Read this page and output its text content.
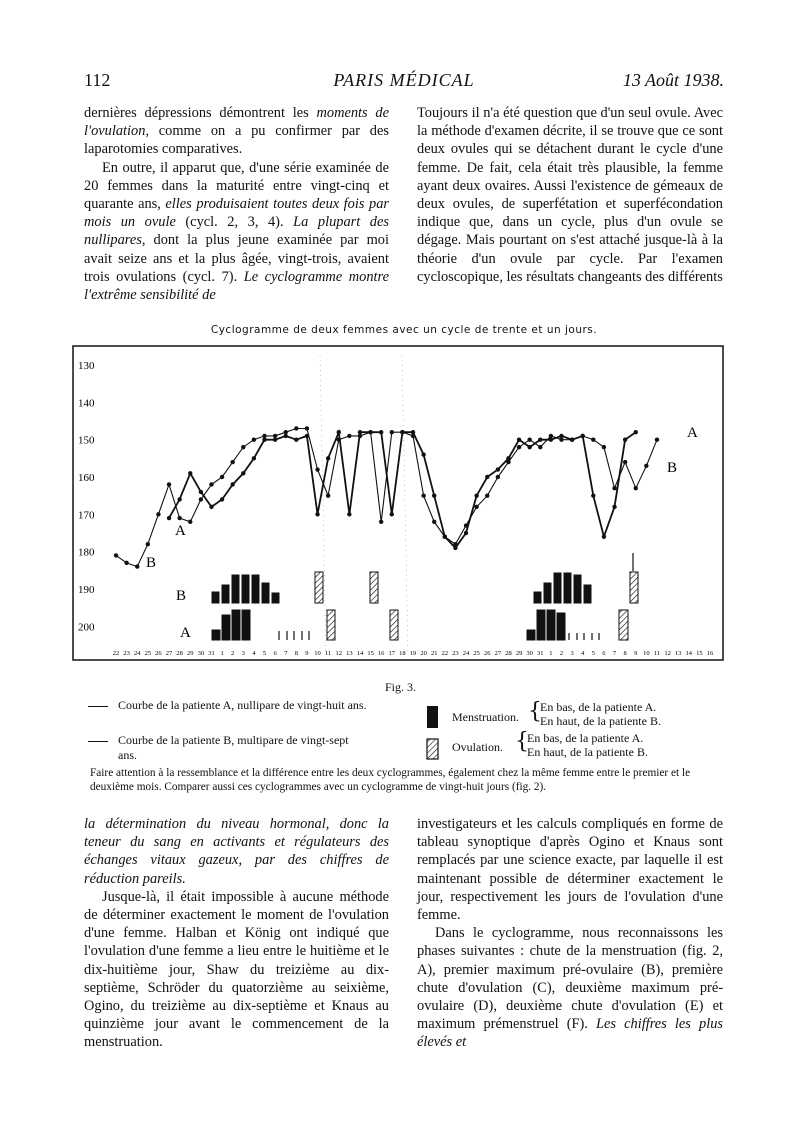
112	PARIS MÉDICAL	13 Août 1938.

dernières dépressions démontrent les moments de l'ovulation, comme on a pu confirmer par des laparotomies comparatives.

En outre, il apparut que, d'une série examinée de 20 femmes dans la maturité entre vingt-cinq et quarante ans, elles produisaient toutes deux fois par mois un ovule (cycl. 2, 3, 4). La plupart des nullipares, dont la plus jeune examinée par moi avait seize ans et la plus âgée, vingt-trois, avaient trois ovulations (cycl. 7). Le cyclogramme montre l'extrême sensibilité de

Toujours il n'a été question que d'un seul ovule. Avec la méthode d'examen décrite, il se trouve que ce sont deux ovules qui se détachent durant le cycle d'une femme. De fait, cela était très plausible, la femme ayant deux ovaires. Aussi l'existence de gémeaux de deux ovules, de superfétation et superfécondation indique que, dans un cycle, plus d'un ovule se dégage. Mais pourtant on s'est attaché jusque-là à la théorie d'un ovule par cycle. Par l'examen cycloscopique, les résultats changeants des différents

Cyclogramme de deux femmes avec un cycle de trente et un jours.
130
140
150
160
170
180
190
200
22 23 24 25 26 27 28 29 30 31 1 2 3 4 5 6 7 8 9 10 11 12 13 14 15 16 17 18 19 20 21 22 23 24 25 26 27 28 29 30 31 1 2 3 4 5 6 7 8 9 10 11 12 13 14 15 16
A
B
A
B
B
A
Fig. 3.
Courbe de la patiente A, nullipare de vingt-huit ans.
Courbe de la patiente B, multipare de vingt-sept ans.
Menstruation. {
En bas, de la patiente A.
En haut, de la patiente B.
Ovulation. {
En bas, de la patiente A.
En haut, de la patiente B.
Faire attention à la ressemblance et la différence entre les deux cyclogrammes, également chez la même femme entre le premier et le deuxième mois. Comparer aussi ces cyclogrammes avec un cyclogramme de vingt-huit jours (fig. 2).

la détermination du niveau hormonal, donc la teneur du sang en activants et régulateurs des échanges vitaux gazeux, par des chiffres de réduction pareils.

Jusque-là, il était impossible à aucune méthode de déterminer exactement le moment de l'ovulation d'une femme. Halban et König ont indiqué que l'ovulation d'une femme a lieu entre le huitième et le dix-huitième jour, Shaw du treizième au dix-septième, Schröder du quatorzième au seixième, Ogino, du treizième au dix-septième et Knaus au quinzième jour avant le commencement de la menstruation.

investigateurs et les calculs compliqués en forme de tableau synoptique d'après Ogino et Knaus sont remplacés par une science exacte, par laquelle il est maintenant possible de déterminer exactement le jour, respectivement les jours de l'ovulation d'une femme.

Dans le cyclogramme, nous reconnaissons les phases suivantes : chute de la menstruation (fig. 2, A), premier maximum pré-ovulaire (B), première chute d'ovulation (C), deuxième maximum pré-ovulaire (D), deuxième chute d'ovulation (E) et maximum prémenstruel (F). Les chiffres les plus élevés et
